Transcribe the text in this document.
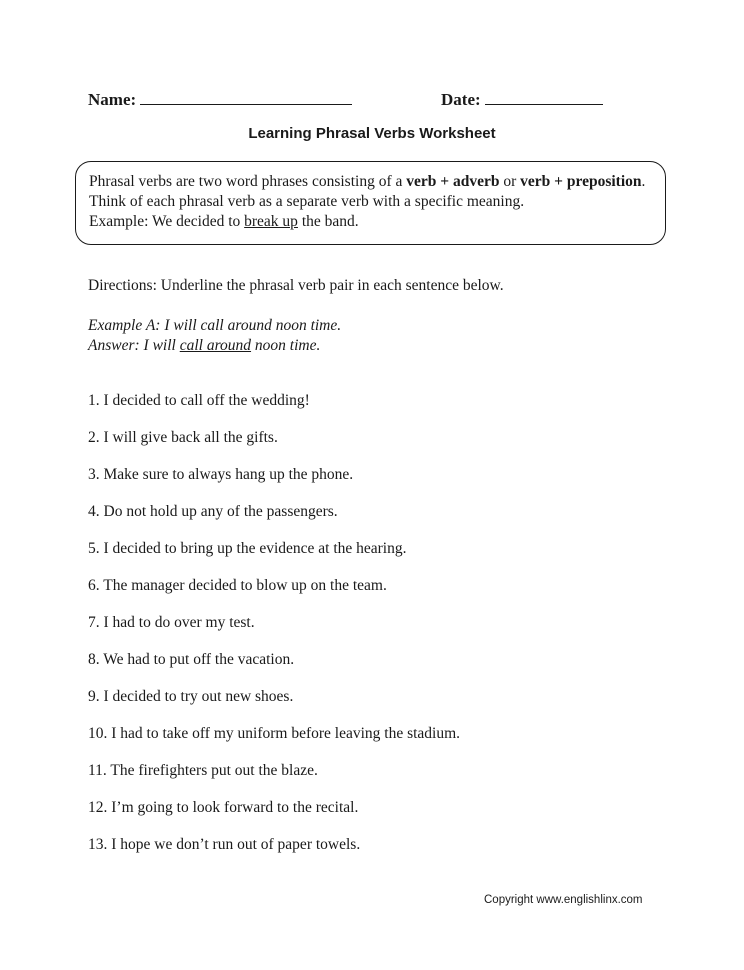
Name:	Date:
Learning Phrasal Verbs Worksheet
Phrasal verbs are two word phrases consisting of a verb + adverb or verb + preposition. Think of each phrasal verb as a separate verb with a specific meaning.
Example: We decided to break up the band.
Directions: Underline the phrasal verb pair in each sentence below.
Example A: I will call around noon time.
Answer: I will call around noon time.
1. I decided to call off the wedding!
2. I will give back all the gifts.
3. Make sure to always hang up the phone.
4. Do not hold up any of the passengers.
5. I decided to bring up the evidence at the hearing.
6. The manager decided to blow up on the team.
7. I had to do over my test.
8. We had to put off the vacation.
9. I decided to try out new shoes.
10. I had to take off my uniform before leaving the stadium.
11. The firefighters put out the blaze.
12. I’m going to look forward to the recital.
13. I hope we don’t run out of paper towels.
Copyright www.englishlinx.com
